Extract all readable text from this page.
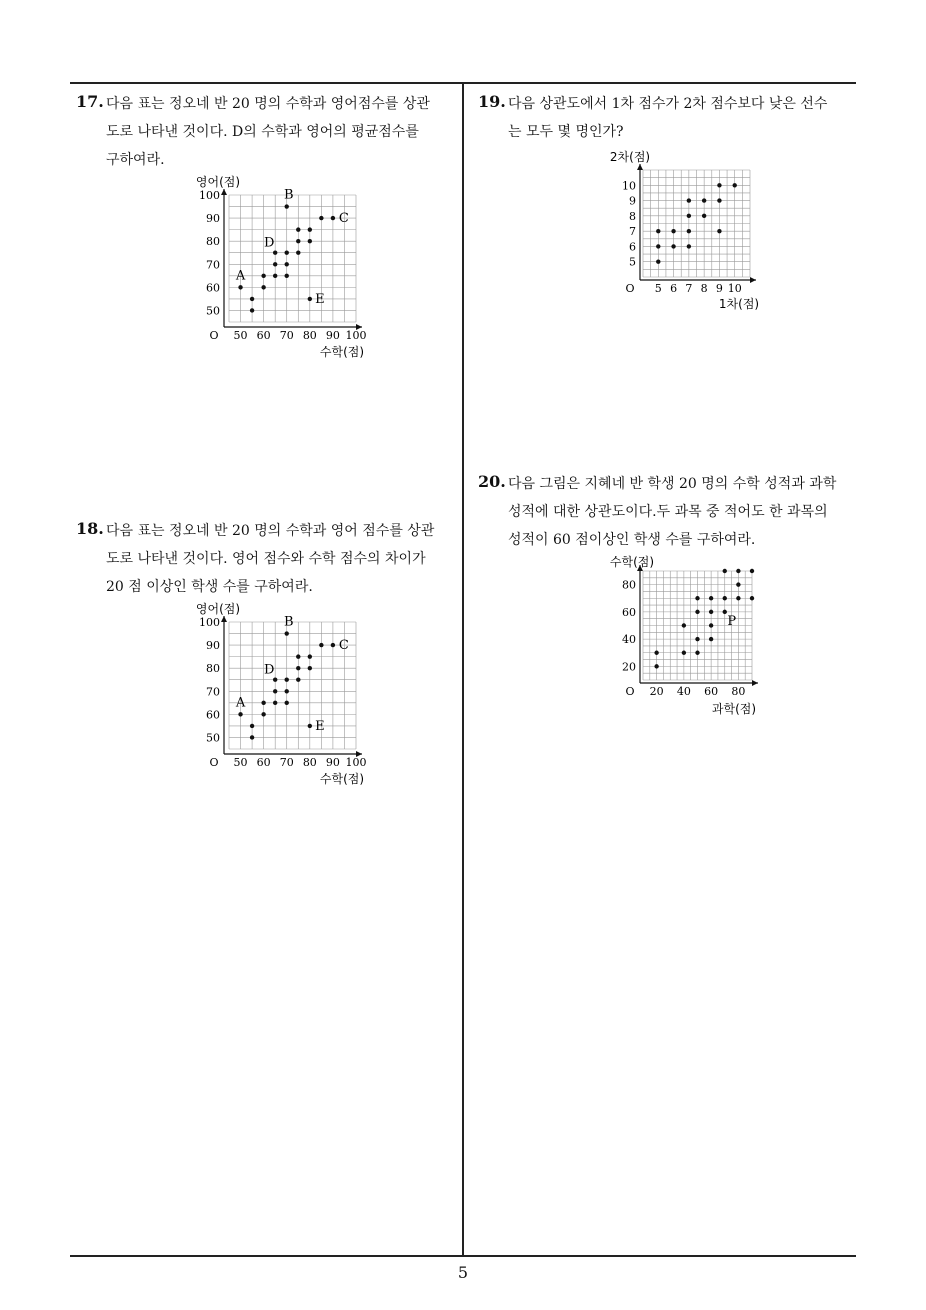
17. 다음 표는 정오네 반 20 명의 수학과 영어점수를 상관
도로 나타낸 것이다. D의 수학과 영어의 평균점수를
구하여라.
O 50 60 70 80 90 100
50
60
70
80
90
100
영어(점)
수학(점)
A
B
C
D
E
18. 다음 표는 정오네 반 20 명의 수학과 영어 점수를 상관
도로 나타낸 것이다. 영어 점수와 수학 점수의 차이가
20 점 이상인 학생 수를 구하여라.
O 50 60 70 80 90 100
50
60
70
80
90
100
영어(점)
수학(점)
A
B
C
D
E
19. 다음 상관도에서 1차 점수가 2차 점수보다 낮은 선수
는 모두 몇 명인가?
O 5 6 7 8 9 10
5
6
7
8
9
10
2차(점)
1차(점)
20. 다음 그림은 지혜네 반 학생 20 명의 수학 성적과 과학
성적에 대한 상관도이다.두 과목 중 적어도 한 과목의
성적이 60 점이상인 학생 수를 구하여라.
O 20 40 60 80
20
40
60
80
수학(점)
과학(점)
P
5
